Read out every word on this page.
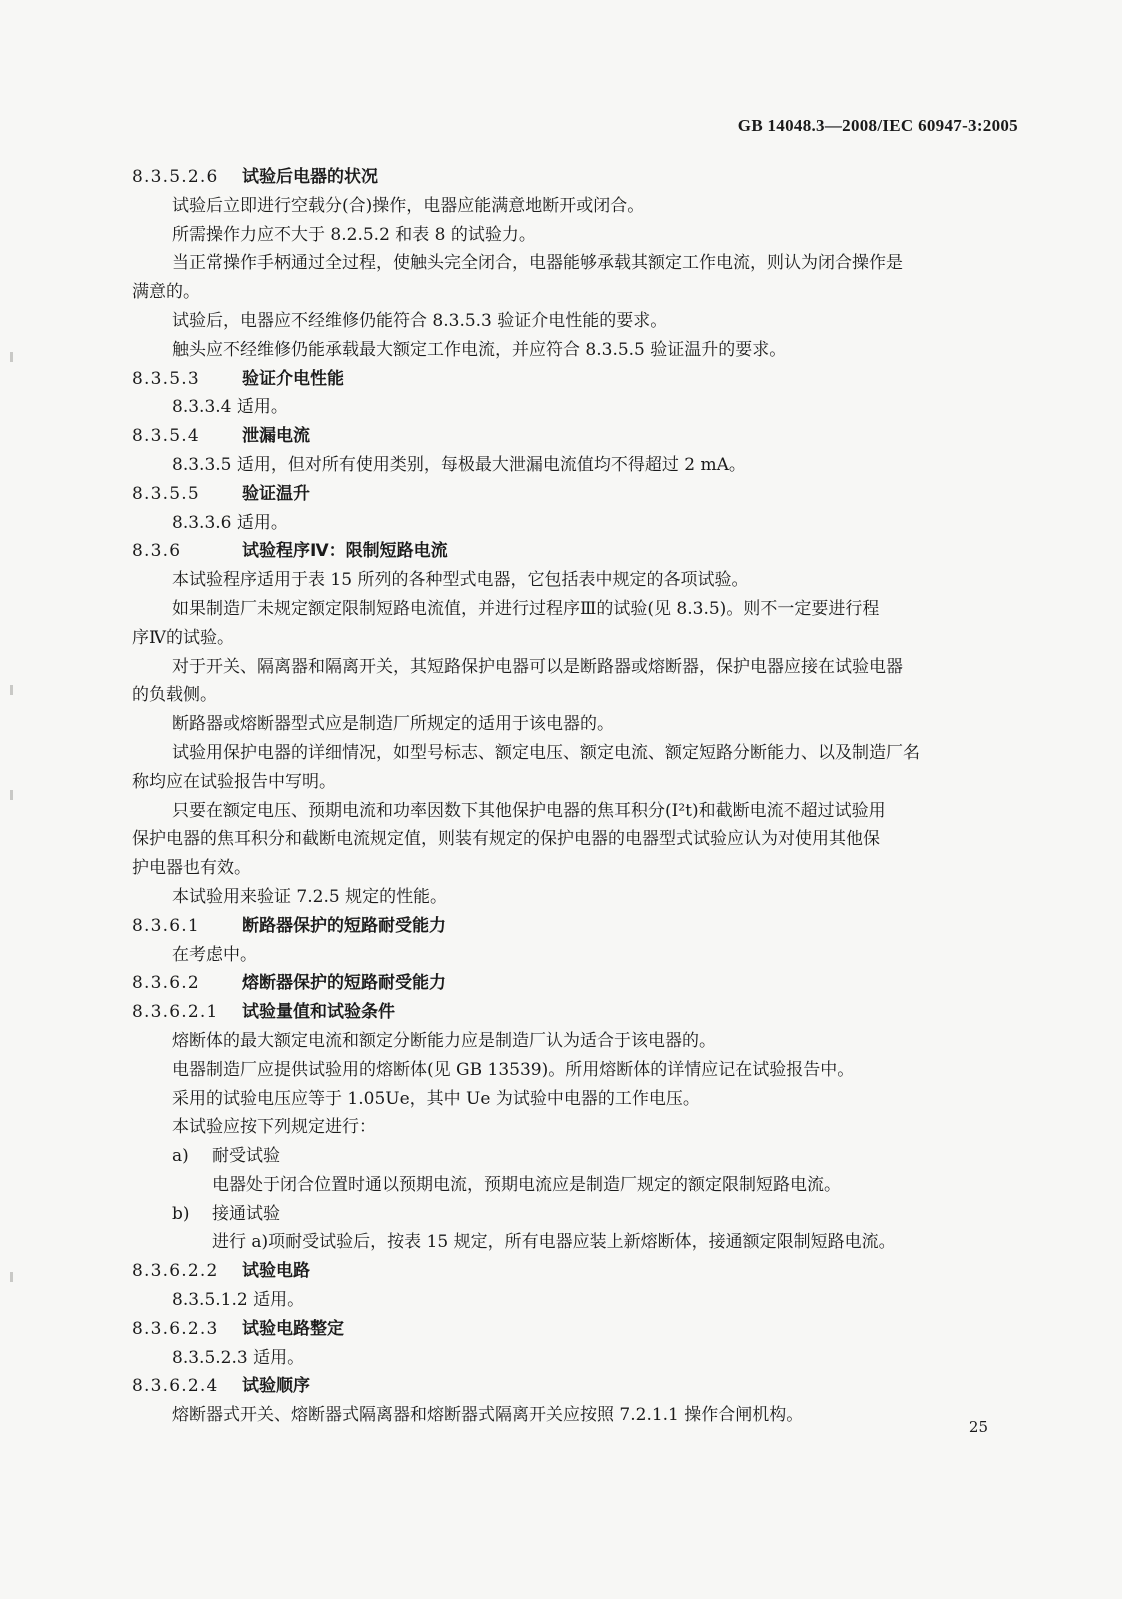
GB 14048.3—2008/IEC 60947-3:2005
8.3.5.2.6 试验后电器的状况
试验后立即进行空载分(合)操作，电器应能满意地断开或闭合。
所需操作力应不大于 8.2.5.2 和表 8 的试验力。
当正常操作手柄通过全过程，使触头完全闭合，电器能够承载其额定工作电流，则认为闭合操作是
满意的。
试验后，电器应不经维修仍能符合 8.3.5.3 验证介电性能的要求。
触头应不经维修仍能承载最大额定工作电流，并应符合 8.3.5.5 验证温升的要求。
8.3.5.3 验证介电性能
8.3.3.4 适用。
8.3.5.4 泄漏电流
8.3.3.5 适用，但对所有使用类别，每极最大泄漏电流值均不得超过 2 mA。
8.3.5.5 验证温升
8.3.3.6 适用。
8.3.6	试验程序Ⅳ：限制短路电流
本试验程序适用于表 15 所列的各种型式电器，它包括表中规定的各项试验。
如果制造厂未规定额定限制短路电流值，并进行过程序Ⅲ的试验(见 8.3.5)。则不一定要进行程
序Ⅳ的试验。
对于开关、隔离器和隔离开关，其短路保护电器可以是断路器或熔断器，保护电器应接在试验电器
的负载侧。
断路器或熔断器型式应是制造厂所规定的适用于该电器的。
试验用保护电器的详细情况，如型号标志、额定电压、额定电流、额定短路分断能力、以及制造厂名
称均应在试验报告中写明。
只要在额定电压、预期电流和功率因数下其他保护电器的焦耳积分(I²t)和截断电流不超过试验用
保护电器的焦耳积分和截断电流规定值，则装有规定的保护电器的电器型式试验应认为对使用其他保
护电器也有效。
本试验用来验证 7.2.5 规定的性能。
8.3.6.1 断路器保护的短路耐受能力
在考虑中。
8.3.6.2 熔断器保护的短路耐受能力
8.3.6.2.1 试验量值和试验条件
熔断体的最大额定电流和额定分断能力应是制造厂认为适合于该电器的。
电器制造厂应提供试验用的熔断体(见 GB 13539)。所用熔断体的详情应记在试验报告中。
采用的试验电压应等于 1.05Ue，其中 Ue 为试验中电器的工作电压。
本试验应按下列规定进行：
a) 耐受试验
电器处于闭合位置时通以预期电流，预期电流应是制造厂规定的额定限制短路电流。
b) 接通试验
进行 a)项耐受试验后，按表 15 规定，所有电器应装上新熔断体，接通额定限制短路电流。
8.3.6.2.2 试验电路
8.3.5.1.2 适用。
8.3.6.2.3 试验电路整定
8.3.5.2.3 适用。
8.3.6.2.4 试验顺序
熔断器式开关、熔断器式隔离器和熔断器式隔离开关应按照 7.2.1.1 操作合闸机构。
25
